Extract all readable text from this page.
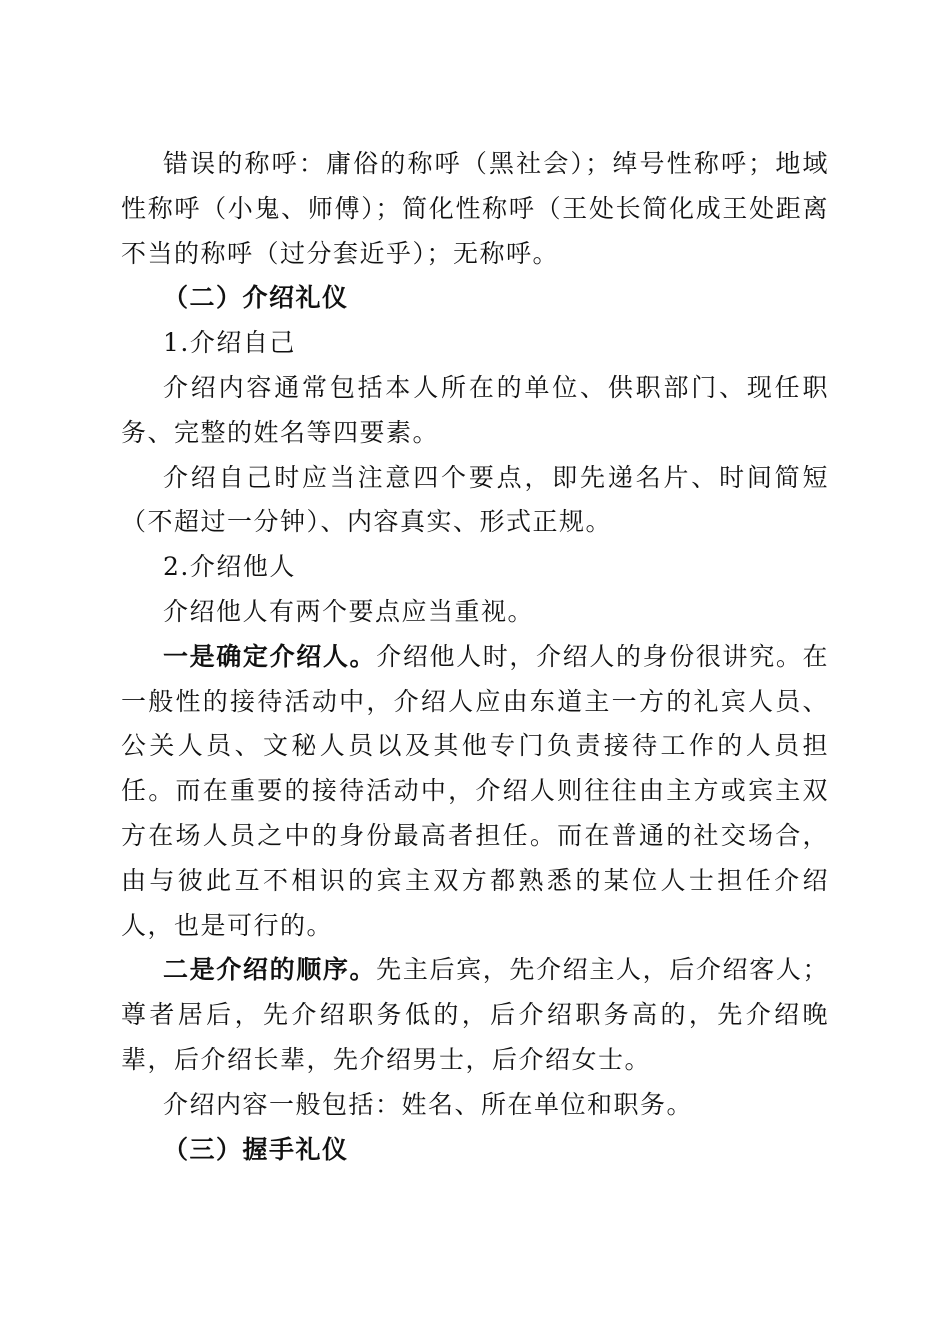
错误的称呼：庸俗的称呼（黑社会）；绰号性称呼；地域性称呼（小鬼、师傅）；简化性称呼（王处长简化成王处距离不当的称呼（过分套近乎）；无称呼。

（二）介绍礼仪

1.介绍自己

介绍内容通常包括本人所在的单位、供职部门、现任职务、完整的姓名等四要素。

介绍自己时应当注意四个要点，即先递名片、时间简短（不超过一分钟）、内容真实、形式正规。

2.介绍他人

介绍他人有两个要点应当重视。

一是确定介绍人。介绍他人时，介绍人的身份很讲究。在一般性的接待活动中，介绍人应由东道主一方的礼宾人员、公关人员、文秘人员以及其他专门负责接待工作的人员担任。而在重要的接待活动中，介绍人则往往由主方或宾主双方在场人员之中的身份最高者担任。而在普通的社交场合，由与彼此互不相识的宾主双方都熟悉的某位人士担任介绍人，也是可行的。

二是介绍的顺序。先主后宾，先介绍主人，后介绍客人；尊者居后，先介绍职务低的，后介绍职务高的，先介绍晚辈，后介绍长辈，先介绍男士，后介绍女士。

介绍内容一般包括：姓名、所在单位和职务。

（三）握手礼仪
